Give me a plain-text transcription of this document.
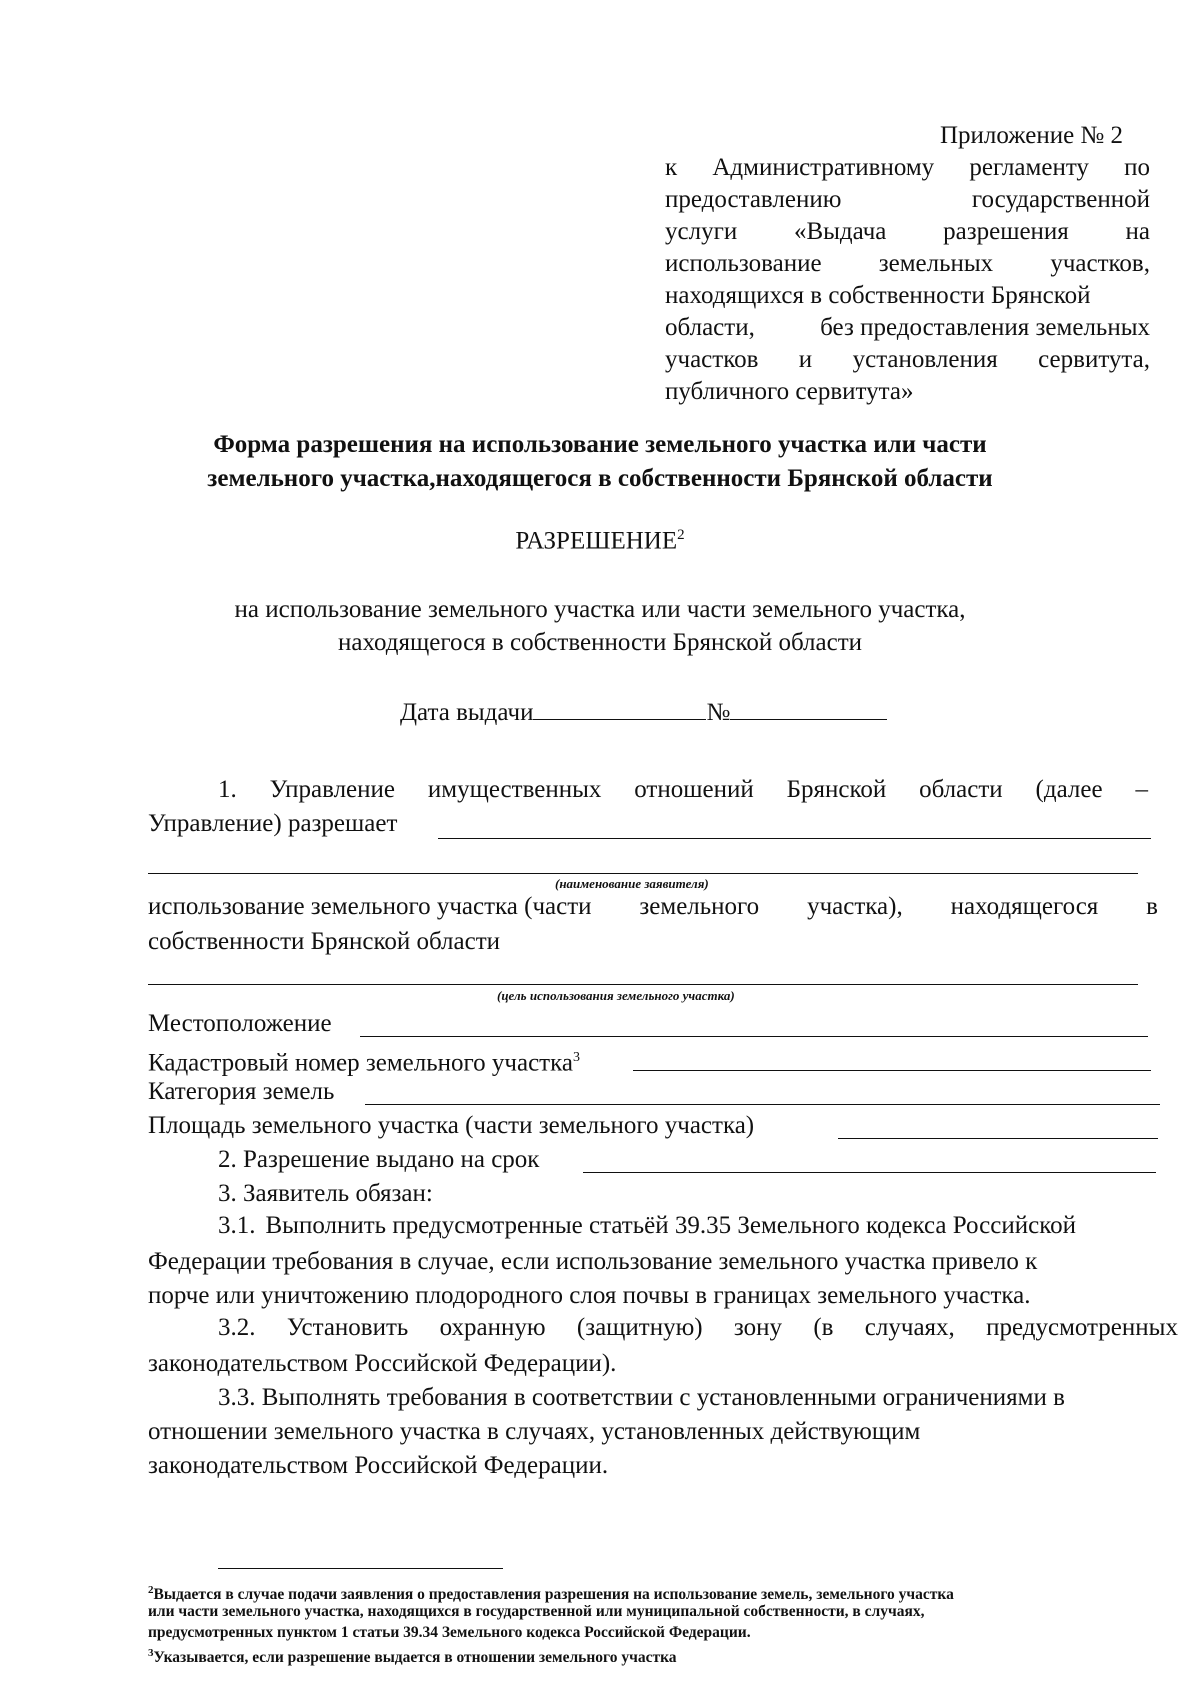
Приложение № 2
к Административному регламенту по
предоставлению	государственной
услуги «Выдача разрешения на
использование земельных участков,
находящихся в собственности Брянской
области,	без предоставления земельных
участков и установления сервитута,
публичного сервитута»
Форма разрешения на использование земельного участка или части
земельного участка,находящегося в собственности Брянской области
РАЗРЕШЕНИЕ$^2$
на использование земельного участка или части земельного участка,
находящегося в собственности Брянской области
Дата выдачи	№
1. Управление имущественных отношений Брянской области (далее –
Управление) разрешает
(наименование заявителя)
использование земельного участка (части земельного участка), находящегося в
собственности Брянской области
(цель использования земельного участка)
Местоположение
Кадастровый номер земельного участка$^3$
Категория земель
Площадь земельного участка (части земельного участка)
2. Разрешение выдано на срок
3. Заявитель обязан:
3.1. Выполнить предусмотренные статьёй 39.35 Земельного кодекса Российской
Федерации требования в случае, если использование земельного участка привело к
порче или уничтожению плодородного слоя почвы в границах земельного участка.
3.2. Установить охранную (защитную) зону (в случаях, предусмотренных
законодательством Российской Федерации).
3.3. Выполнять требования в соответствии с установленными ограничениями в
отношении земельного участка в случаях, установленных действующим
законодательством Российской Федерации.
$^2$Выдается в случае подачи заявления о предоставления разрешения на использование земель, земельного участка
или части земельного участка, находящихся в государственной или муниципальной собственности, в случаях,
предусмотренных пунктом 1 статьи 39.34 Земельного кодекса Российской Федерации.
$^3$Указывается, если разрешение выдается в отношении земельного участка
